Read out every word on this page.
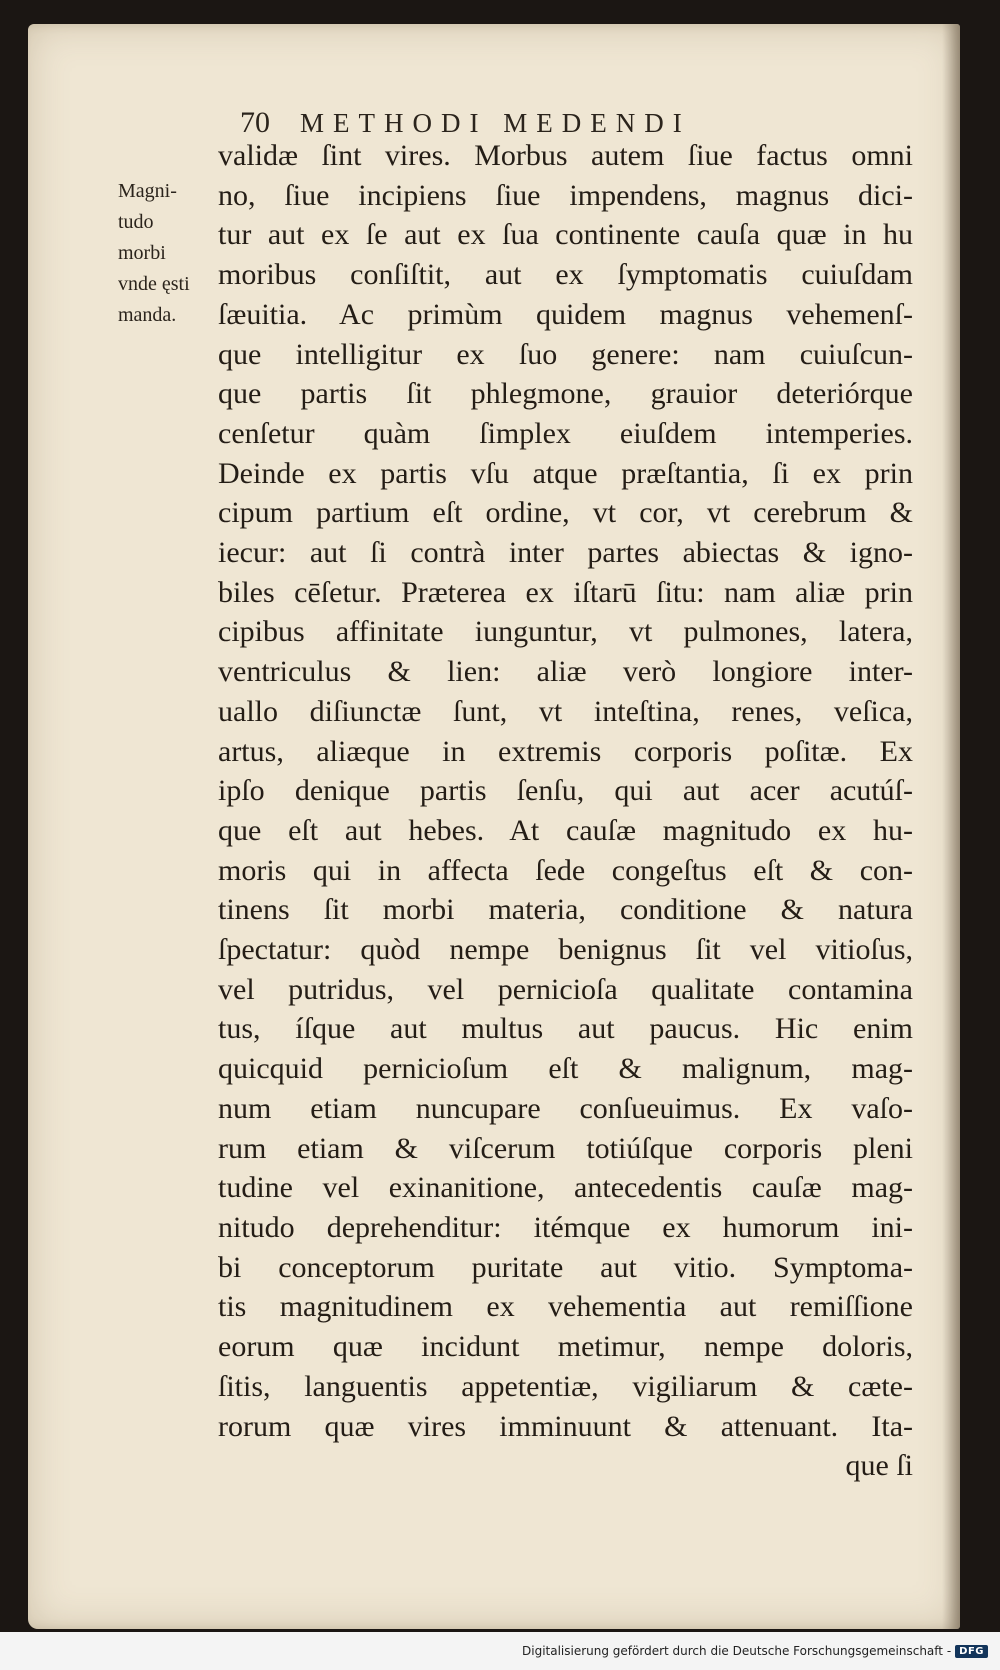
70 METHODI MEDENDI
Magni-
tudo
morbi
vnde ęsti
manda.
validæ ſint vires. Morbus autem ſiue factus omni
no, ſiue incipiens ſiue impendens, magnus dici-
tur aut ex ſe aut ex ſua continente cauſa quæ in hu
moribus conſiſtit, aut ex ſymptomatis cuiuſdam
ſæuitia. Ac primùm quidem magnus vehemenſ-
que intelligitur ex ſuo genere: nam cuiuſcun-
que partis ſit phlegmone, grauior deteriórque
cenſetur quàm ſimplex eiuſdem intemperies.
Deinde ex partis vſu atque præſtantia, ſi ex prin
cipum partium eſt ordine, vt cor, vt cerebrum &
iecur: aut ſi contrà inter partes abiectas & igno-
biles cēſetur. Præterea ex iſtarū ſitu: nam aliæ prin
cipibus affinitate iunguntur, vt pulmones, latera,
ventriculus & lien: aliæ verò longiore inter-
uallo diſiunctæ ſunt, vt inteſtina, renes, veſica,
artus, aliæque in extremis corporis poſitæ. Ex
ipſo denique partis ſenſu, qui aut acer acutúſ-
que eſt aut hebes. At cauſæ magnitudo ex hu-
moris qui in affecta ſede congeſtus eſt & con-
tinens ſit morbi materia, conditione & natura
ſpectatur: quòd nempe benignus ſit vel vitioſus,
vel putridus, vel pernicioſa qualitate contamina
tus, íſque aut multus aut paucus. Hic enim
quicquid pernicioſum eſt & malignum, mag-
num etiam nuncupare conſueuimus. Ex vaſo-
rum etiam & viſcerum totiúſque corporis pleni
tudine vel exinanitione, antecedentis cauſæ mag-
nitudo deprehenditur: itémque ex humorum ini-
bi conceptorum puritate aut vitio. Symptoma-
tis magnitudinem ex vehementia aut remiſſione
eorum quæ incidunt metimur, nempe doloris,
ſitis, languentis appetentiæ, vigiliarum & cæte-
rorum quæ vires imminuunt & attenuant. Ita-
que ſi
Digitalisierung gefördert durch die Deutsche Forschungsgemeinschaft - DFG
